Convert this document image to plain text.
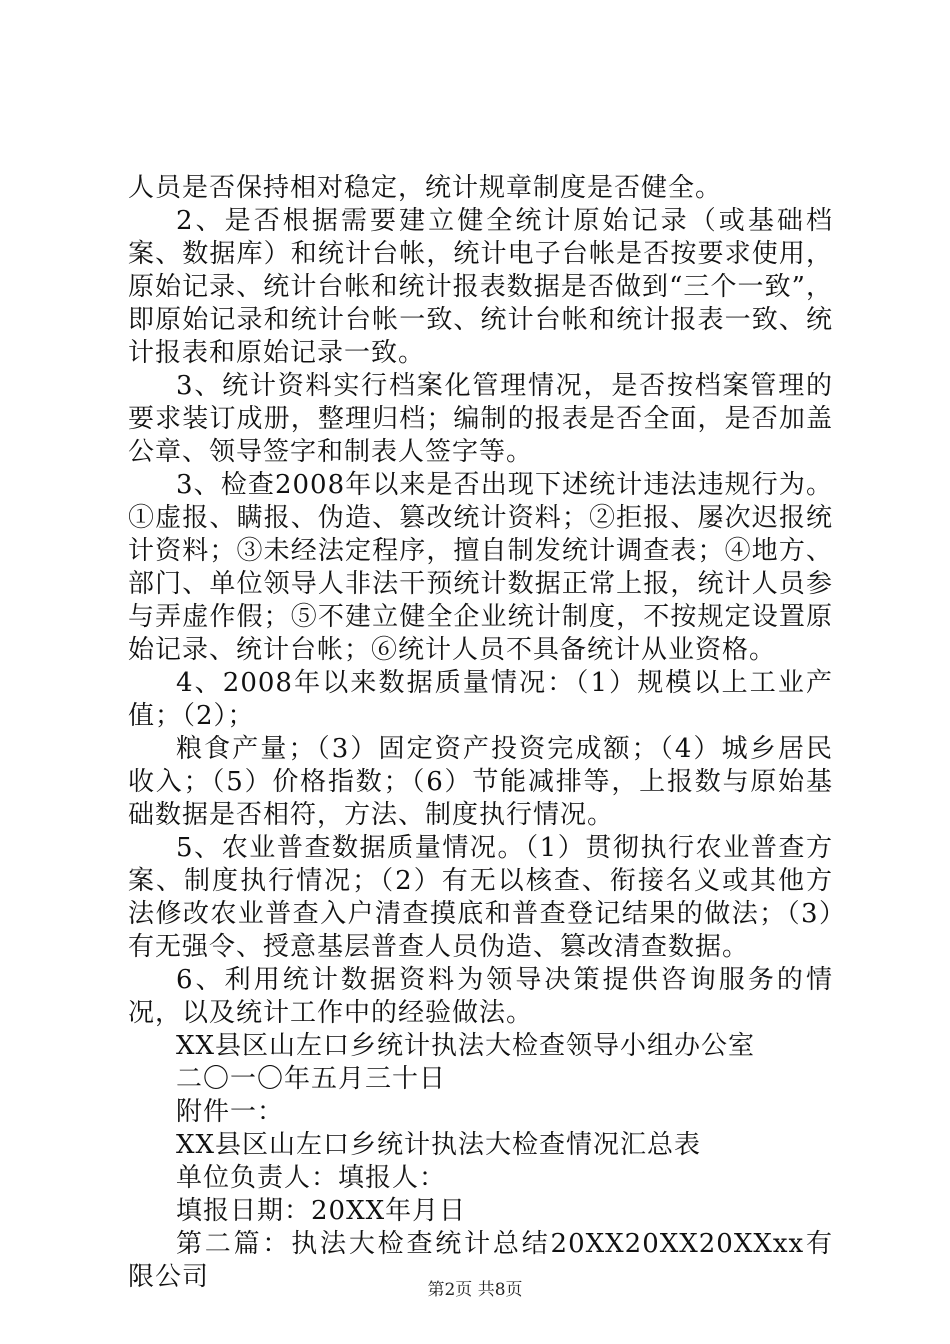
人员是否保持相对稳定，统计规章制度是否健全。

2、是否根据需要建立健全统计原始记录（或基础档案、数据库）和统计台帐，统计电子台帐是否按要求使用，原始记录、统计台帐和统计报表数据是否做到“三个一致”，即原始记录和统计台帐一致、统计台帐和统计报表一致、统计报表和原始记录一致。

3、统计资料实行档案化管理情况，是否按档案管理的要求装订成册，整理归档；编制的报表是否全面，是否加盖公章、领导签字和制表人签字等。

3、检查2008年以来是否出现下述统计违法违规行为。①虚报、瞒报、伪造、篡改统计资料；②拒报、屡次迟报统计资料；③未经法定程序，擅自制发统计调查表；④地方、部门、单位领导人非法干预统计数据正常上报，统计人员参与弄虚作假；⑤不建立健全企业统计制度，不按规定设置原始记录、统计台帐；⑥统计人员不具备统计从业资格。

4、2008年以来数据质量情况：（1）规模以上工业产值；（2）；

粮食产量；（3）固定资产投资完成额；（4）城乡居民收入；（5）价格指数；（6）节能减排等，上报数与原始基础数据是否相符，方法、制度执行情况。

5、农业普查数据质量情况。（1）贯彻执行农业普查方案、制度执行情况；（2）有无以核查、衔接名义或其他方法修改农业普查入户清查摸底和普查登记结果的做法；（3）有无强令、授意基层普查人员伪造、篡改清查数据。

6、利用统计数据资料为领导决策提供咨询服务的情况，以及统计工作中的经验做法。

XX县区山左口乡统计执法大检查领导小组办公室

二〇一〇年五月三十日

附件一：

XX县区山左口乡统计执法大检查情况汇总表

单位负责人：填报人：

填报日期：20XX年月日

第二篇：执法大检查统计总结20XX20XX20XXxx有限公司	第2页 共8页
